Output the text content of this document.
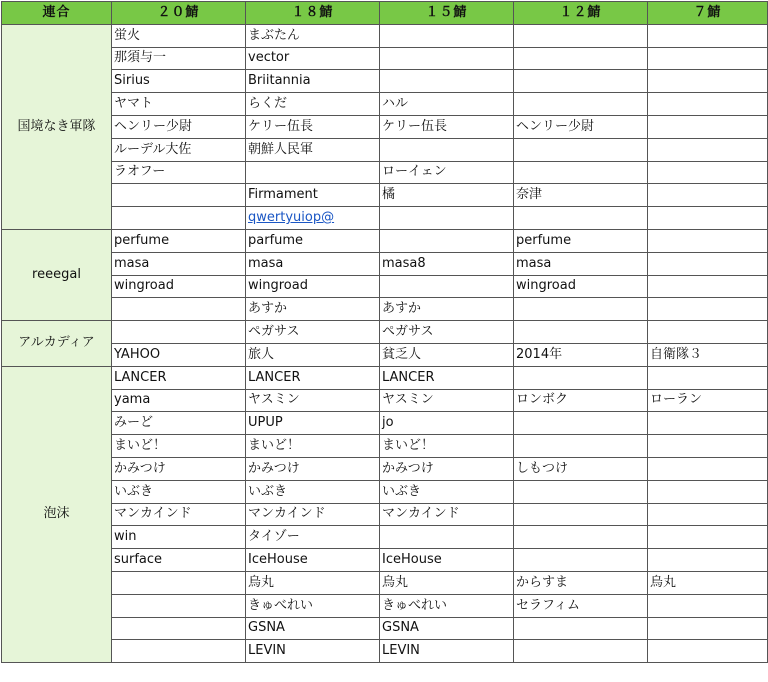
連合	２０鯖	１８鯖	１５鯖	１２鯖	７鯖
国境なき軍隊	蛍火	まぶたん			
	那須与一	vector			
	Sirius	Briitannia			
	ヤマト	らくだ	ハル		
	ヘンリー少尉	ケリー伍長	ケリー伍長	ヘンリー少尉	
	ルーデル大佐	朝鮮人民軍			
	ラオフー		ローイェン		
		Firmament	橘	奈津	
		qwertyuiop@			
reeegal	perfume	parfume		perfume	
	masa	masa	masa8	masa	
	wingroad	wingroad		wingroad	
		あすか	あすか		
アルカディア		ペガサス	ペガサス		
	YAHOO	旅人	貧乏人	2014年	自衛隊３
泡沫	LANCER	LANCER	LANCER		
	yama	ヤスミン	ヤスミン	ロンボク	ローラン
	みーど	UPUP	jo		
	まいど！	まいど！	まいど！		
	かみつけ	かみつけ	かみつけ	しもつけ	
	いぶき	いぶき	いぶき		
	マンカインド	マンカインド	マンカインド		
	win	タイゾー			
	surface	IceHouse	IceHouse		
		烏丸	烏丸	からすま	烏丸
		きゅべれい	きゅべれい	セラフィム	
		GSNA	GSNA		
		LEVIN	LEVIN		
